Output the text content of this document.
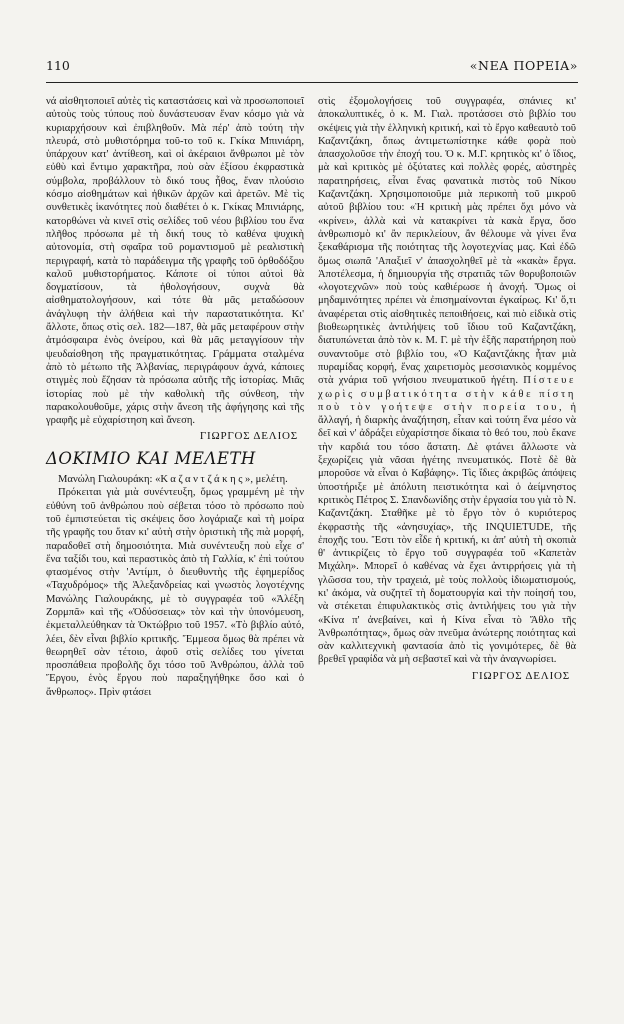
110	«ΝΕΑ ΠΟΡΕΙΑ»

νά αἰσθητοποιεῖ αὐτὲς τὶς καταστάσεις καὶ νὰ προσωποποιεῖ αὐτοὺς τοὺς τύπους ποὺ δυνάστευσαν ἕναν κόσμο γιὰ νὰ κυριαρχήσουν καὶ ἐπιβληθοῦν. Μὰ πέρ' ἀπὸ τούτη τὴν πλευρά, στὸ μυθιστόρημα τοῦ-το τοῦ κ. Γκίκα Μπινιάρη, ὑπάρχουν κατ' ἀντίθεση, καὶ οἱ ἀκέραιοι ἄνθρωποι μὲ τὸν εὐθὺ καὶ ἔντιμο χαρακτῆρα, ποὺ σὰν ἐξίσου ἐκφραστικὰ σύμβολα, προβάλλουν τὸ δικό τους ἦθος, ἕναν πλούσιο κόσμο αἰσθημάτων καὶ ἠθικῶν ἀρχῶν καὶ ἀρετῶν. Μὲ τὶς συνθετικὲς ἱκανότητες ποὺ διαθέτει ὁ κ. Γκίκας Μπινιάρης, κατορθώνει νὰ κινεῖ στὶς σελίδες τοῦ νέου βιβλίου του ἕνα πλῆθος πρόσωπα μὲ τὴ δική τους τὸ καθένα ψυχικὴ αὐτονομία, στὴ σφαῖρα τοῦ ρομαντισμοῦ μὲ ρεαλιστικὴ περιγραφή, κατὰ τὸ παράδειγμα τῆς γραφῆς τοῦ ὀρθοδόξου καλοῦ μυθιστορήματος. Κάποτε οἱ τύποι αὐτοὶ θὰ δογματίσουν, τὰ ἠθολογήσουν, συχνὰ θὰ αἰσθηματολογήσουν, καὶ τότε θὰ μᾶς μεταδώσουν ἀνάγλυφη τὴν ἀλήθεια καὶ τὴν παραστατικότητα. Κι' ἄλλοτε, ὅπως στὶς σελ. 182—187, θὰ μᾶς μεταφέρουν στὴν ἀτμόσφαιρα ἑνὸς ὀνείρου, καὶ θὰ μᾶς μεταγγίσουν τὴν ψευδαίσθηση τῆς πραγματικότητας. Γράμματα σταλμένα ἀπὸ τὸ μέτωπο τῆς Ἀλβανίας, περιγράφουν ἀχνά, κάποιες στιγμὲς ποὺ ἔζησαν τὰ πρόσωπα αὐτῆς τῆς ἱστορίας. Μιᾶς ἱστορίας ποὺ μὲ τὴν καθολικὴ τῆς σύνθεση, τὴν παρακολουθοῦμε, χάρις στὴν ἄνεση τῆς ἀφήγησης καὶ τῆς γραφῆς μὲ εὐχαρίστηση καὶ ἄνεση.

ΓΙΩΡΓΟΣ ΔΕΛΙΟΣ
ΔΟΚΙΜΙΟ ΚΑΙ ΜΕΛΕΤΗ

Μανώλη Γιαλουράκη: «Καζαντζάκης», μελέτη.

Πρόκειται γιὰ μιὰ συνέντευξη, ὅμως γραμμένη μὲ τὴν εὐθύνη τοῦ ἀνθρώπου ποὺ σέβεται τόσο τὸ πρόσωπο ποὺ τοῦ ἐμπιστεύεται τὶς σκέψεις ὅσο λογάριαζε καὶ τὴ μοίρα τῆς γραφῆς του ὅταν κι' αὐτὴ στὴν ὁριστικὴ τῆς πιὰ μορφή, παραδοθεῖ στὴ δημοσιότητα. Μιὰ συνέντευξη ποὺ εἶχε σ' ἕνα ταξίδι του, καὶ περαστικὸς ἀπὸ τὴ Γαλλία, κ' ἐπὶ τούτου φτασμένος στὴν 'Αντίμπ, ὁ διευθυντὴς τῆς ἐφημερίδος «Ταχυδρόμος» τῆς Ἀλεξανδρείας καὶ γνωστὸς λογοτέχνης Μανώλης Γιαλουράκης, μὲ τὸ συγγραφέα τοῦ «Ἀλέξη Ζορμπᾶ» καὶ τῆς «Ὀδύσσειας» τὸν καὶ τὴν ὑπονόμευση, ἐκμεταλλεύθηκαν τὰ Ὀκτώβριο τοῦ 1957. «Τὸ βιβλίο αὐτό, λέει, δὲν εἶναι βιβλίο κριτικῆς. Ἔμμεσα ὅμως θὰ πρέπει νὰ θεωρηθεῖ σὰν τέτοιο, ἀφοῦ στὶς σελίδες του γίνεται προσπάθεια προβολῆς ὄχι τόσο τοῦ Ἀνθρώπου, ἀλλὰ τοῦ Ἔργου, ἑνὸς ἔργου ποὺ παραξηγήθηκε ὅσο καὶ ὁ ἄνθρωπος». Πρὶν φτάσει

στὶς ἐξομολογήσεις τοῦ συγγραφέα, σπάνιες κι' ἀποκαλυπτικές, ὁ κ. Μ. Γιαλ. προτάσσει στὸ βιβλίο του σκέψεις γιὰ τὴν ἑλληνικὴ κριτική, καὶ τὸ ἔργο καθεαυτὸ τοῦ Καζαντζάκη, ὅπως ἀντιμετωπίστηκε κάθε φορὰ ποὺ ἀπασχολοῦσε τὴν ἐποχή του. Ὁ κ. Μ.Γ. κρητικὸς κι' ὁ ἴδιος, μὰ καὶ κριτικὸς μὲ ὀξύτατες καὶ πολλὲς φορές, αὐστηρὲς παρατηρήσεις, εἶναι ἕνας φανατικὰ πιστὸς τοῦ Νίκου Καζαντζάκη. Χρησιμοποιοῦμε μιὰ περικοπὴ τοῦ μικροῦ αὐτοῦ βιβλίου του: «Ἡ κριτικὴ μὰς πρέπει ὄχι μόνο νὰ «κρίνει», ἀλλὰ καὶ νὰ κατακρίνει τὰ κακὰ ἔργα, ὅσο ἀνθρωπισμὸ κι' ἂν περικλείουν, ἂν θέλουμε νὰ γίνει ἕνα ξεκαθάρισμα τῆς ποιότητας τῆς λογοτεχνίας μας. Καὶ ἐδῶ ὅμως σιωπᾶ 'Απαξιεῖ ν' ἀπασχοληθεῖ μὲ τὰ «κακὰ» ἔργα. Ἀποτέλεσμα, ἡ δημιουργία τῆς στρατιᾶς τῶν θορυβοποιῶν «λογοτεχνῶν» ποὺ τοὺς καθιέρωσε ἡ ἀνοχή. Ὅμως οἱ μηδαμινότητες πρέπει νὰ ἐπισημαίνονται ἐγκαίρως. Κι' ὅ,τι ἀναφέρεται στὶς αἰσθητικὲς πεποιθήσεις, καὶ πιὸ εἰδικὰ στὶς βιοθεωρητικὲς ἀντιλήψεις τοῦ ἴδιου τοῦ Καζαντζάκη, διατυπώνεται ἀπὸ τὸν κ. Μ. Γ. μὲ τὴν ἑξῆς παρατήρηση ποὺ συναντοῦμε στὸ βιβλίο του, «Ὁ Καζαντζάκης ἦταν μιὰ πυραμίδας κορφή, ἕνας χαιρετισμὸς μεσσιανικὸς κομμένος στὰ χνάρια τοῦ γνήσιου πνευματικοῦ ἡγέτη. Πίστευε χωρὶς συμβατικότητα στὴν κάθε πίστη ποὺ τὸν γοήτεψε στὴν πορεία του, ἡ ἄλλαγή, ἡ διαρκὴς ἀναζήτηση, εἶταν καὶ τούτη ἕνα μέσο νὰ δεῖ καὶ ν' ἀδράξει εὐχαρίστησε δίκαια τὸ θεό του, ποὺ ἔκανε τὴν καρδιά του τόσο ἄστατη. Δὲ φτάνει ἄλλωστε νὰ ξεχωρίζεις γιὰ νᾶσαι ἡγέτης πνευματικός. Ποτὲ δὲ θὰ μποροῦσε νὰ εἶναι ὁ Καβάφης». Τὶς ἴδιες ἀκριβῶς ἀπόψεις ὑποστήριξε μὲ ἀπόλυτη πειστικότητα καὶ ὁ ἀείμνηστος κριτικὸς Πέτρος Σ. Σπανδωνίδης στὴν ἐργασία του γιὰ τὸ Ν. Καζαντζάκη. Σταθῆκε μὲ τὸ ἔργο τὸν ὁ κυριότερος ἐκφραστὴς τῆς «ἀνησυχίας», τῆς INQUIETUDE, τῆς ἐποχῆς του. Ἔστι τὸν εἶδε ἡ κριτική, κι ἀπ' αὐτὴ τὴ σκοπιὰ θ' ἀντικρίζεις τὸ ἔργο τοῦ συγγραφέα τοῦ «Καπετὰν Μιχάλη». Μπορεῖ ὁ καθένας νὰ ἔχει ἀντιρρήσεις γιὰ τὴ γλῶσσα του, τὴν τραχειά, μὲ τοὺς πολλοὺς ἰδιωματισμούς, κι' ἀκόμα, νὰ συζητεῖ τὴ δοματουργία καὶ τὴν ποίησή του, νὰ στέκεται ἐπιφυλακτικὸς στὶς ἀντιλήψεις του γιὰ τὴν «Κίνα π' ἀνεβαίνει, καὶ ἡ Κίνα εἶναι τὸ Ἄθλο τῆς Ἀνθρωπότητας», ὅμως σὰν πνεῦμα ἀνώτερης ποιότητας καὶ σὰν καλλιτεχνικὴ φαντασία ἀπὸ τὶς γονιμότερες, δὲ θὰ βρεθεῖ γραφίδα νὰ μὴ σεβαστεῖ καὶ νὰ τὴν ἀναγνωρίσει.

ΓΙΩΡΓΟΣ ΔΕΛΙΟΣ
